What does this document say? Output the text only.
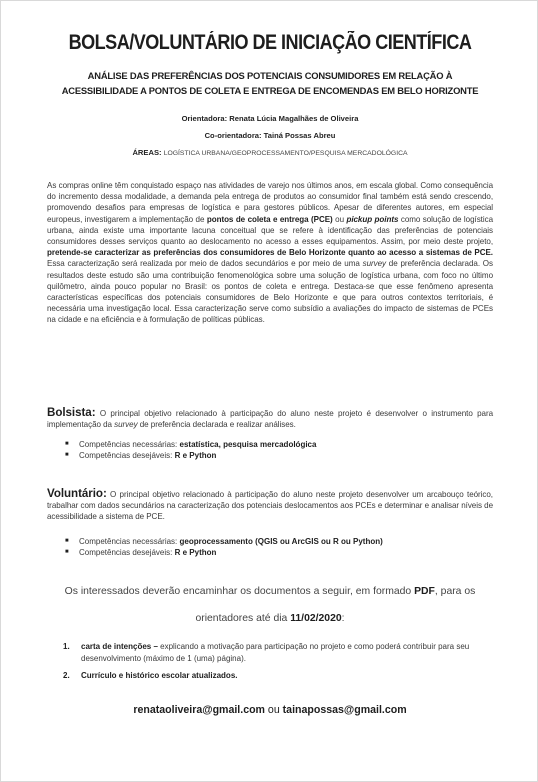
BOLSA/VOLUNTÁRIO DE INICIAÇÃO CIENTÍFICA
ANÁLISE DAS PREFERÊNCIAS DOS POTENCIAIS CONSUMIDORES EM RELAÇÃO À ACESSIBILIDADE A PONTOS DE COLETA E ENTREGA DE ENCOMENDAS EM BELO HORIZONTE
Orientadora: Renata Lúcia Magalhães de Oliveira
Co-orientadora: Tainá Possas Abreu
ÁREAS: LOGÍSTICA URBANA/GEOPROCESSAMENTO/PESQUISA MERCADOLÓGICA
As compras online têm conquistado espaço nas atividades de varejo nos últimos anos, em escala global. Como consequência do incremento dessa modalidade, a demanda pela entrega de produtos ao consumidor final também está sendo crescendo, promovendo desafios para empresas de logística e para gestores públicos. Apesar de diferentes autores, em especial europeus, investigarem a implementação de pontos de coleta e entrega (PCE) ou pickup points como solução de logística urbana, ainda existe uma importante lacuna conceitual que se refere à identificação das preferências de potenciais consumidores desses serviços quanto ao deslocamento no acesso a esses equipamentos. Assim, por meio deste projeto, pretende-se caracterizar as preferências dos consumidores de Belo Horizonte quanto ao acesso a sistemas de PCE. Essa caracterização será realizada por meio de dados secundários e por meio de uma survey de preferência declarada. Os resultados deste estudo são uma contribuição fenomenológica sobre uma solução de logística urbana, com foco no último quilômetro, ainda pouco popular no Brasil: os pontos de coleta e entrega. Destaca-se que esse fenômeno apresenta características específicas dos potenciais consumidores de Belo Horizonte e que para outros contextos territoriais, é necessária uma investigação local. Essa caracterização serve como subsídio a avaliações do impacto de sistemas de PCEs na cidade e na eficiência e à formulação de políticas públicas.
Bolsista: O principal objetivo relacionado à participação do aluno neste projeto é desenvolver o instrumento para implementação da survey de preferência declarada e realizar análises.
■ Competências necessárias: estatística, pesquisa mercadológica
■ Competências desejáveis: R e Python
Voluntário: O principal objetivo relacionado à participação do aluno neste projeto desenvolver um arcabouço teórico, trabalhar com dados secundários na caracterização dos potenciais deslocamentos aos PCEs e determinar e analisar níveis de acessibilidade a sistema de PCE.
■ Competências necessárias: geoprocessamento (QGIS ou ArcGIS ou R ou Python)
■ Competências desejáveis: R e Python
Os interessados deverão encaminhar os documentos a seguir, em formado PDF, para os
orientadores até dia 11/02/2020:
1. carta de intenções – explicando a motivação para participação no projeto e como poderá contribuir para seu desenvolvimento (máximo de 1 (uma) página).
2. Currículo e histórico escolar atualizados.
renataoliveira@gmail.com ou tainapossas@gmail.com
